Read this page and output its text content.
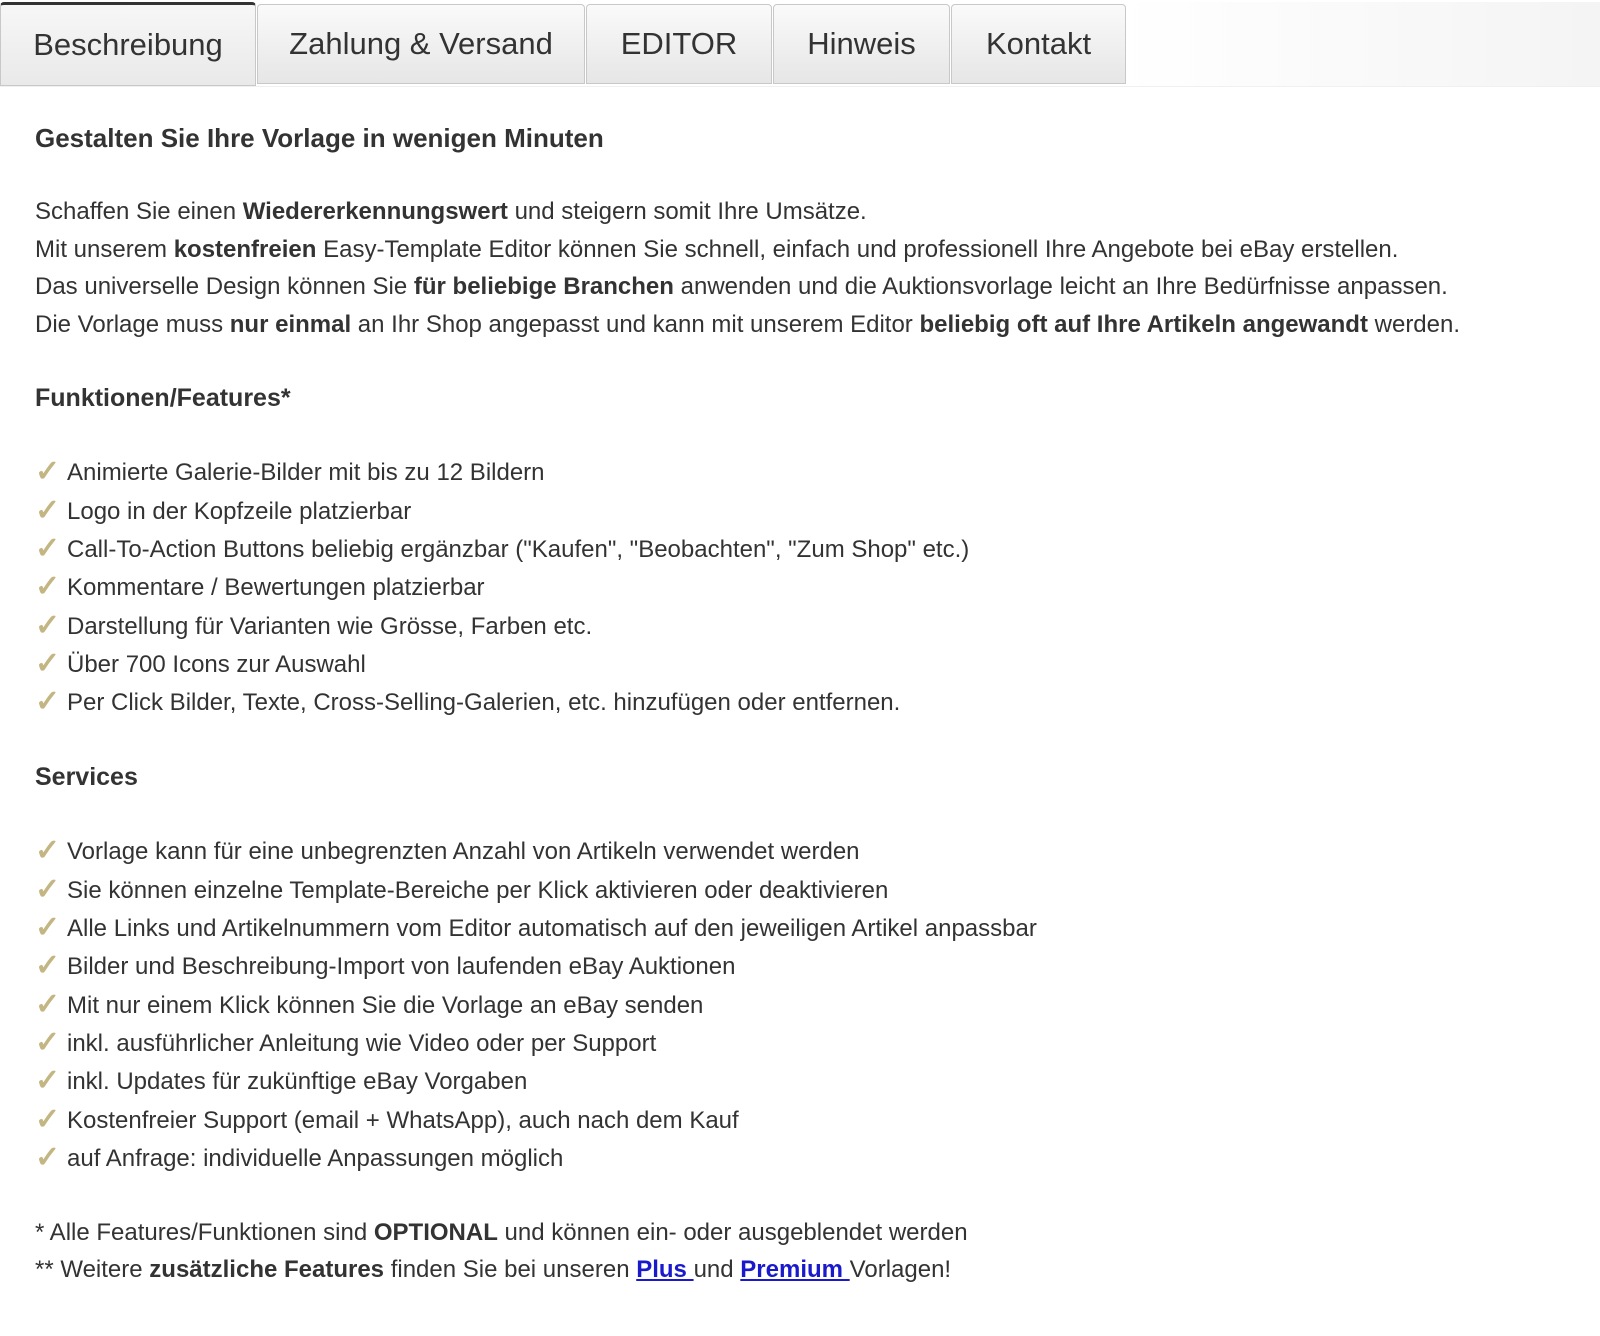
Beschreibung	Zahlung & Versand	EDITOR	Hinweis	Kontakt
Gestalten Sie Ihre Vorlage in wenigen Minuten
Schaffen Sie einen Wiedererkennungswert und steigern somit Ihre Umsätze.
Mit unserem kostenfreien Easy-Template Editor können Sie schnell, einfach und professionell Ihre Angebote bei eBay erstellen.
Das universelle Design können Sie für beliebige Branchen anwenden und die Auktionsvorlage leicht an Ihre Bedürfnisse anpassen.
Die Vorlage muss nur einmal an Ihr Shop angepasst und kann mit unserem Editor beliebig oft auf Ihre Artikeln angewandt werden.
Funktionen/Features*
✓ Animierte Galerie-Bilder mit bis zu 12 Bildern
✓ Logo in der Kopfzeile platzierbar
✓ Call-To-Action Buttons beliebig ergänzbar ("Kaufen", "Beobachten", "Zum Shop" etc.)
✓ Kommentare / Bewertungen platzierbar
✓ Darstellung für Varianten wie Grösse, Farben etc.
✓ Über 700 Icons zur Auswahl
✓ Per Click Bilder, Texte, Cross-Selling-Galerien, etc. hinzufügen oder entfernen.
Services
✓ Vorlage kann für eine unbegrenzten Anzahl von Artikeln verwendet werden
✓ Sie können einzelne Template-Bereiche per Klick aktivieren oder deaktivieren
✓ Alle Links und Artikelnummern vom Editor automatisch auf den jeweiligen Artikel anpassbar
✓ Bilder und Beschreibung-Import von laufenden eBay Auktionen
✓ Mit nur einem Klick können Sie die Vorlage an eBay senden
✓ inkl. ausführlicher Anleitung wie Video oder per Support
✓ inkl. Updates für zukünftige eBay Vorgaben
✓ Kostenfreier Support (email + WhatsApp), auch nach dem Kauf
✓ auf Anfrage: individuelle Anpassungen möglich
* Alle Features/Funktionen sind OPTIONAL und können ein- oder ausgeblendet werden
** Weitere zusätzliche Features finden Sie bei unseren Plus und Premium Vorlagen!
